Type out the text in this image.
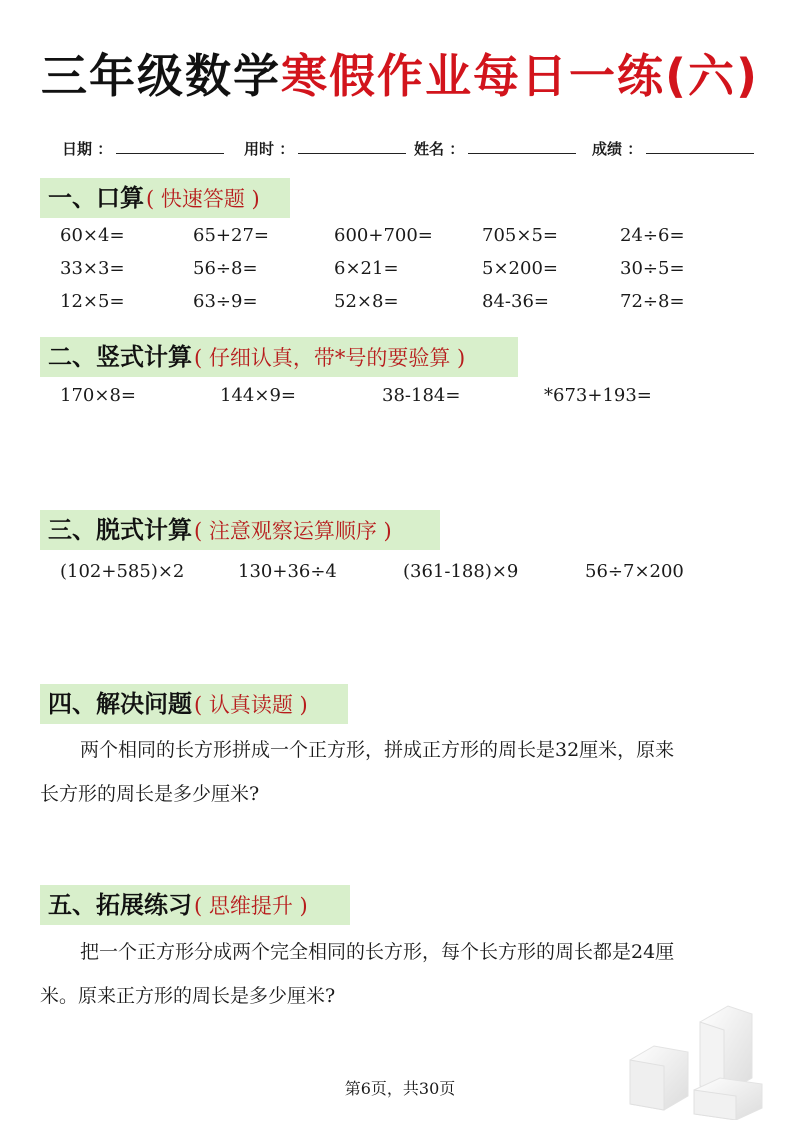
三年级数学寒假作业每日一练(六)
日期 ：	用时 ：	姓名 ：	成绩 ：
一、口算( 快速答题 )
60×4=	65+27=	600+700=	705×5=	24÷6=
33×3=	56÷8=	6×21=	5×200=	30÷5=
12×5=	63÷9=	52×8=	84-36=	72÷8=
二、竖式计算( 仔细认真，带*号的要验算 )
170×8=	144×9=	38-184=	*673+193=
三、脱式计算( 注意观察运算顺序 )
(102+585)×2	130+36÷4	(361-188)×9	56÷7×200
四、解决问题( 认真读题 )
两个相同的长方形拼成一个正方形，拼成正方形的周长是32厘米，原来
长方形的周长是多少厘米?
五、拓展练习( 思维提升 )
把一个正方形分成两个完全相同的长方形，每个长方形的周长都是24厘
米。原来正方形的周长是多少厘米?
第6页，共30页
